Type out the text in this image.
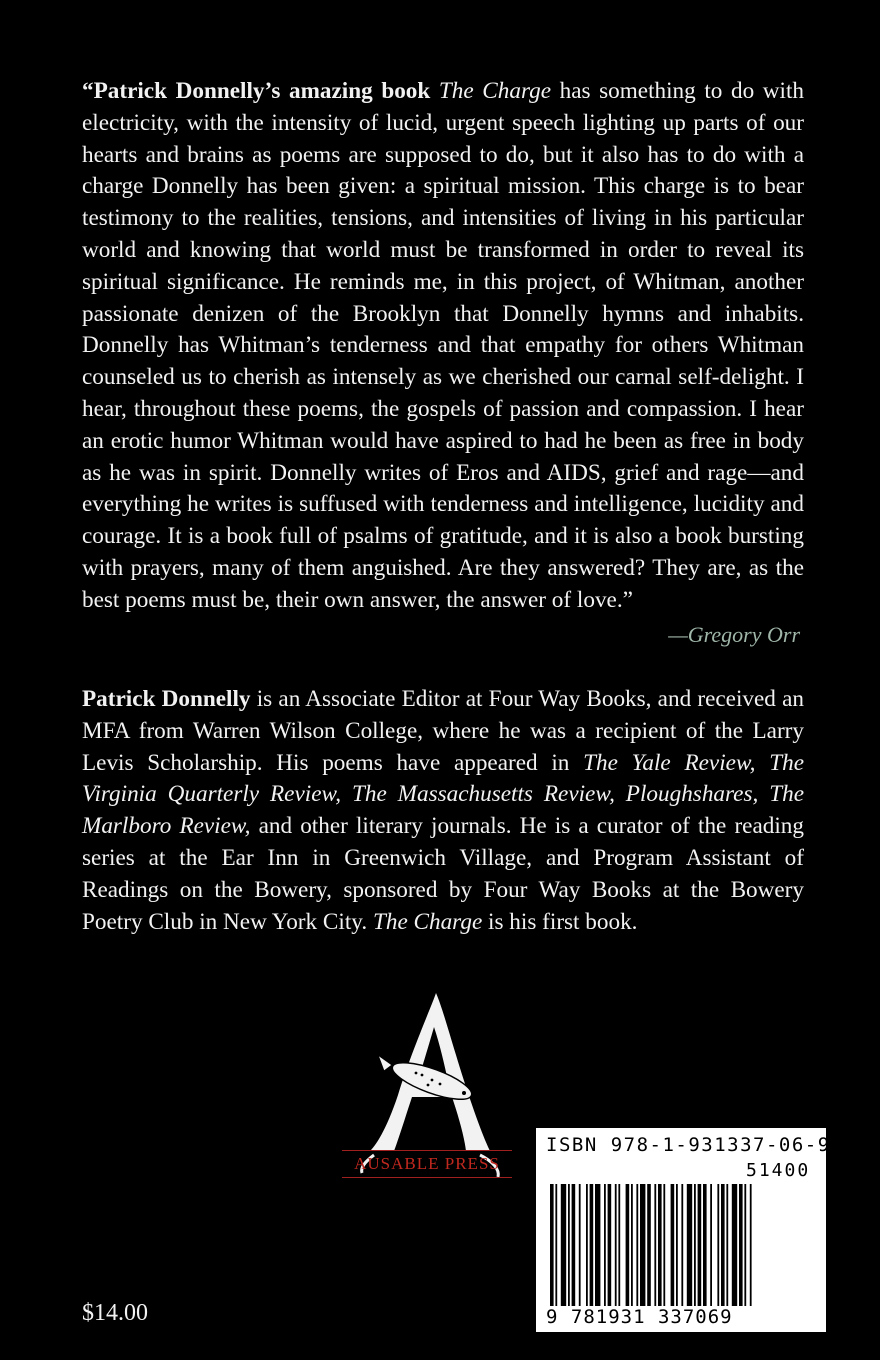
“Patrick Donnelly’s amazing book The Charge has something to do with electricity, with the intensity of lucid, urgent speech lighting up parts of our hearts and brains as poems are supposed to do, but it also has to do with a charge Donnelly has been given: a spiritual mission. This charge is to bear testimony to the realities, tensions, and intensities of living in his particular world and knowing that world must be transformed in order to reveal its spiritual significance. He reminds me, in this project, of Whitman, another passionate denizen of the Brooklyn that Donnelly hymns and inhabits. Donnelly has Whitman’s tenderness and that empathy for others Whitman counseled us to cherish as intensely as we cherished our carnal self-delight. I hear, throughout these poems, the gospels of passion and compassion. I hear an erotic humor Whitman would have aspired to had he been as free in body as he was in spirit. Donnelly writes of Eros and AIDS, grief and rage—and everything he writes is suffused with tenderness and intelligence, lucidity and courage. It is a book full of psalms of gratitude, and it is also a book bursting with prayers, many of them anguished. Are they answered? They are, as the best poems must be, their own answer, the answer of love.”

—Gregory Orr

Patrick Donnelly is an Associate Editor at Four Way Books, and received an MFA from Warren Wilson College, where he was a recipient of the Larry Levis Scholarship. His poems have appeared in The Yale Review, The Virginia Quarterly Review, The Massachusetts Review, Ploughshares, The Marlboro Review, and other literary journals. He is a curator of the reading series at the Ear Inn in Greenwich Village, and Program Assistant of Readings on the Bowery, sponsored by Four Way Books at the Bowery Poetry Club in New York City. The Charge is his first book.

AUSABLE PRESS
ISBN 978-1-931337-06-9
51400
9 781931 337069
$14.00
